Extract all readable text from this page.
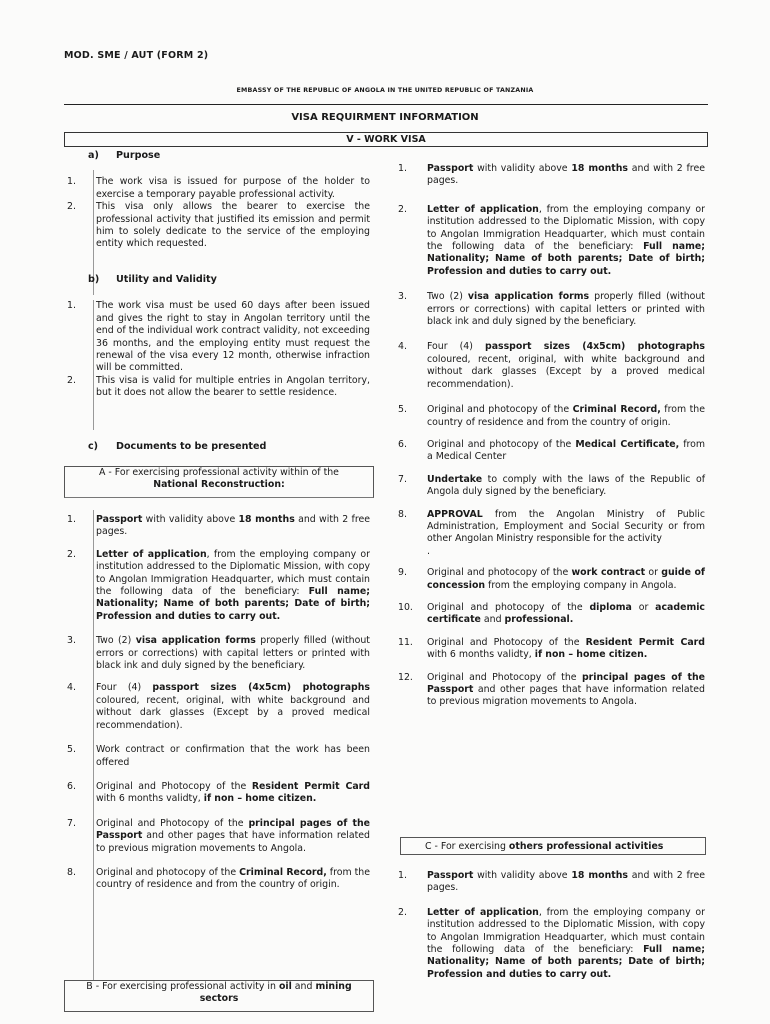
MOD. SME / AUT (FORM 2)
EMBASSY OF THE REPUBLIC OF ANGOLA IN THE UNITED REPUBLIC OF TANZANIA
VISA REQUIRMENT INFORMATION
V - WORK VISA
a) Purpose
1.	The work visa is issued for purpose of the holder to exercise a temporary payable professional activity.
2.	This visa only allows the bearer to exercise the professional activity that justified its emission and permit him to solely dedicate to the service of the employing entity which requested.
b) Utility and Validity
1.	The work visa must be used 60 days after been issued and gives the right to stay in Angolan territory until the end of the individual work contract validity, not exceeding 36 months, and the employing entity must request the renewal of the visa every 12 month, otherwise infraction will be committed.
2.	This visa is valid for multiple entries in Angolan territory, but it does not allow the bearer to settle residence.
c) Documents to be presented
A - For exercising professional activity within of the
National Reconstruction:
1.	Passport with validity above 18 months and with 2 free pages.
2.	Letter of application, from the employing company or institution addressed to the Diplomatic Mission, with copy to Angolan Immigration Headquarter, which must contain the following data of the beneficiary: Full name; Nationality; Name of both parents; Date of birth; Profession and duties to carry out.
3.	Two (2) visa application forms properly filled (without errors or corrections) with capital letters or printed with black ink and duly signed by the beneficiary.
4.	Four (4) passport sizes (4x5cm) photographs coloured, recent, original, with white background and without dark glasses (Except by a proved medical recommendation).
5.	Work contract or confirmation that the work has been offered
6.	Original and Photocopy of the Resident Permit Card with 6 months validty, if non – home citizen.
7.	Original and Photocopy of the principal pages of the Passport and other pages that have information related to previous migration movements to Angola.
8.	Original and photocopy of the Criminal Record, from the country of residence and from the country of origin.
B - For exercising professional activity in oil and mining
sectors
1.	Passport with validity above 18 months and with 2 free pages.
2.	Letter of application, from the employing company or institution addressed to the Diplomatic Mission, with copy to Angolan Immigration Headquarter, which must contain the following data of the beneficiary: Full name; Nationality; Name of both parents; Date of birth; Profession and duties to carry out.
3.	Two (2) visa application forms properly filled (without errors or corrections) with capital letters or printed with black ink and duly signed by the beneficiary.
4.	Four (4) passport sizes (4x5cm) photographs coloured, recent, original, with white background and without dark glasses (Except by a proved medical recommendation).
5.	Original and photocopy of the Criminal Record, from the country of residence and from the country of origin.
6.	Original and photocopy of the Medical Certificate, from a Medical Center
7.	Undertake to comply with the laws of the Republic of Angola duly signed by the beneficiary.
8.	APPROVAL from the Angolan Ministry of Public Administration, Employment and Social Security or from other Angolan Ministry responsible for the activity
.
9.	Original and photocopy of the work contract or guide of concession from the employing company in Angola.
10.	Original and photocopy of the diploma or academic certificate and professional.
11.	Original and Photocopy of the Resident Permit Card with 6 months validty, if non – home citizen.
12.	Original and Photocopy of the principal pages of the Passport and other pages that have information related to previous migration movements to Angola.
C - For exercising others professional activities
1.	Passport with validity above 18 months and with 2 free pages.
2.	Letter of application, from the employing company or institution addressed to the Diplomatic Mission, with copy to Angolan Immigration Headquarter, which must contain the following data of the beneficiary: Full name; Nationality; Name of both parents; Date of birth; Profession and duties to carry out.
